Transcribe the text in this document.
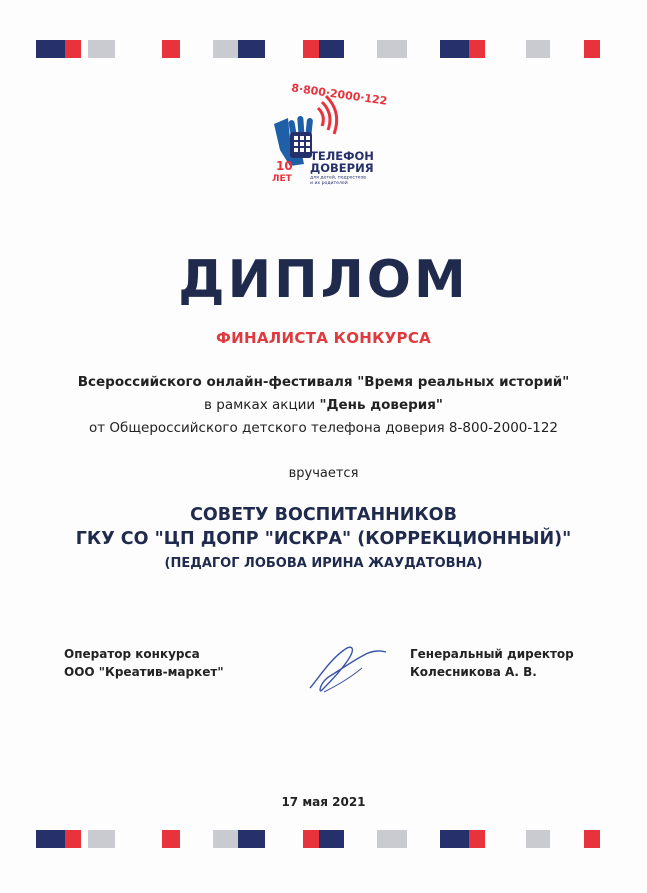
8·800·2000·122
10
ЛЕТ
ТЕЛЕФОН
ДОВЕРИЯ
для детей, подростков
и их родителей
ДИПЛОМ
ФИНАЛИСТА КОНКУРСА
Всероссийского онлайн-фестиваля "Время реальных историй"
в рамках акции "День доверия"
от Общероссийского детского телефона доверия 8-800-2000-122
вручается
СОВЕТУ ВОСПИТАННИКОВ
ГКУ СО "ЦП ДОПР "ИСКРА" (КОРРЕКЦИОННЫЙ)"
(ПЕДАГОГ ЛОБОВА ИРИНА ЖАУДАТОВНА)
Оператор конкурса
ООО "Креатив-маркет"
Генеральный директор
Колесникова А. В.
17 мая 2021
